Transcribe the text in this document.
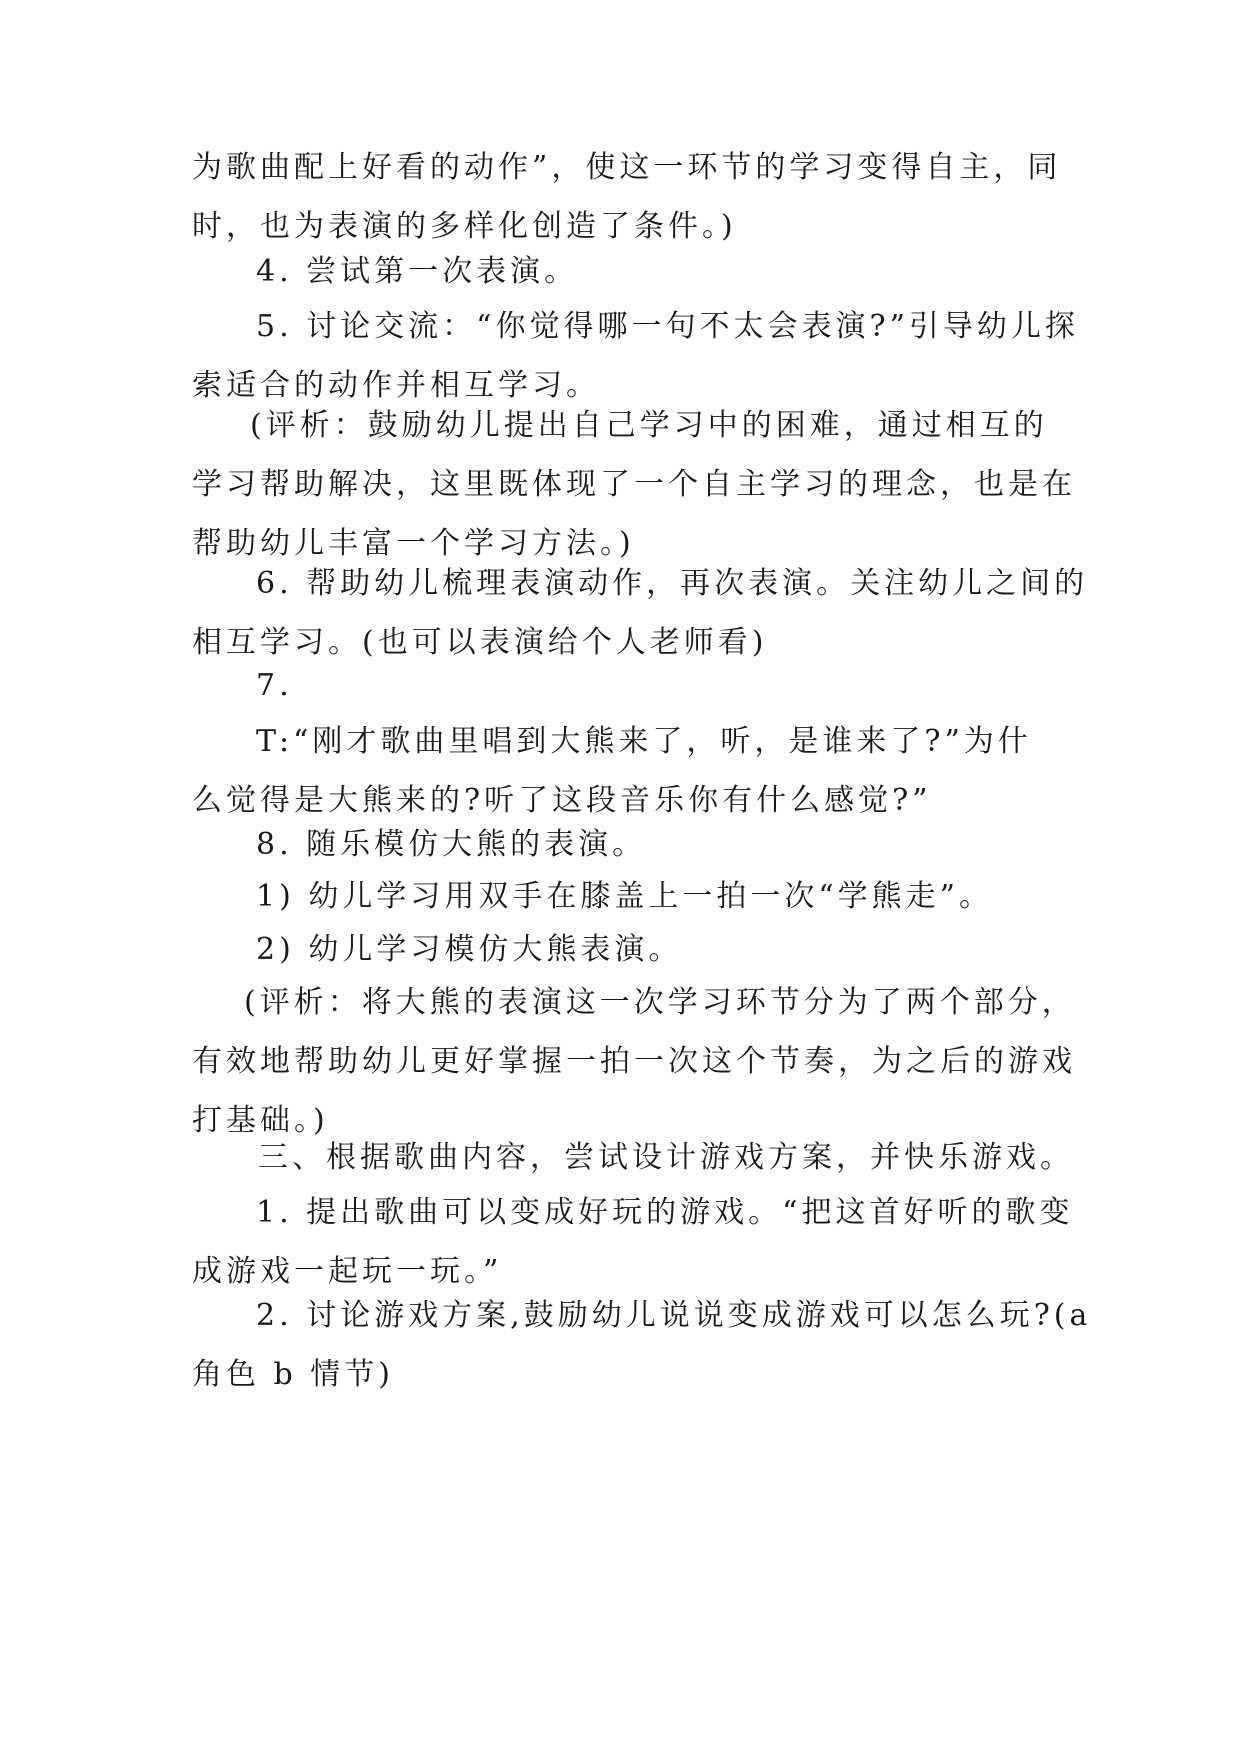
为歌曲配上好看的动作”，使这一环节的学习变得自主，同
时，也为表演的多样化创造了条件。)

4. 尝试第一次表演。

5. 讨论交流：“你觉得哪一句不太会表演?”引导幼儿探
索适合的动作并相互学习。

(评析：鼓励幼儿提出自己学习中的困难，通过相互的
学习帮助解决，这里既体现了一个自主学习的理念，也是在
帮助幼儿丰富一个学习方法。)

6. 帮助幼儿梳理表演动作，再次表演。关注幼儿之间的
相互学习。(也可以表演给个人老师看)

7.

T:“刚才歌曲里唱到大熊来了，听，是谁来了?”为什
么觉得是大熊来的?听了这段音乐你有什么感觉?”

8. 随乐模仿大熊的表演。

1) 幼儿学习用双手在膝盖上一拍一次“学熊走”。

2) 幼儿学习模仿大熊表演。

(评析：将大熊的表演这一次学习环节分为了两个部分，
有效地帮助幼儿更好掌握一拍一次这个节奏，为之后的游戏
打基础。)

三、根据歌曲内容，尝试设计游戏方案，并快乐游戏。

1. 提出歌曲可以变成好玩的游戏。“把这首好听的歌变
成游戏一起玩一玩。”

2. 讨论游戏方案,鼓励幼儿说说变成游戏可以怎么玩?(a
角色 b 情节)
